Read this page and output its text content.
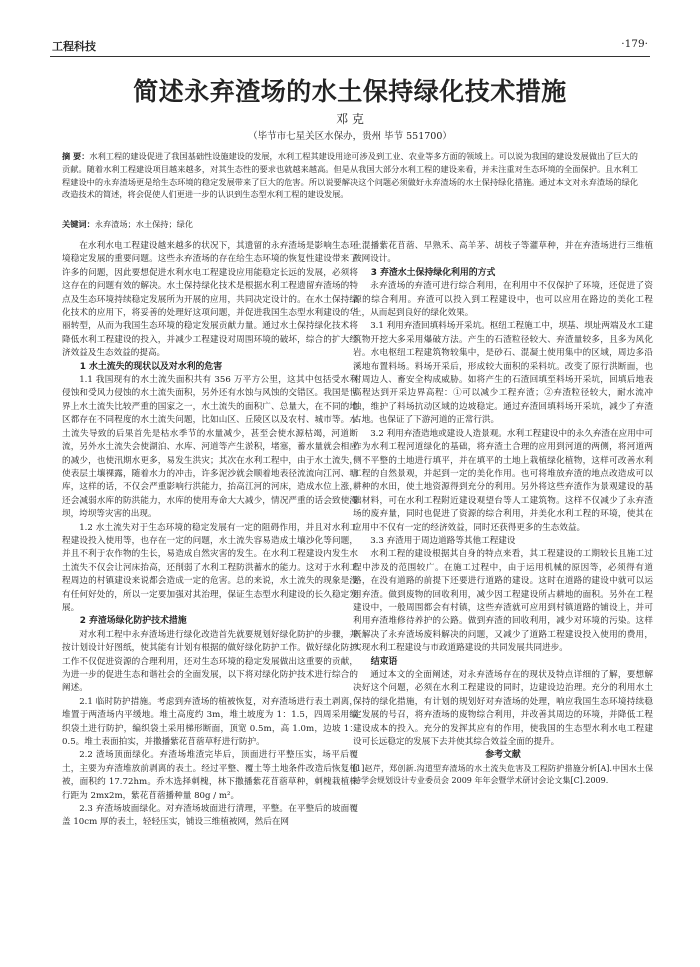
工程科技	·179·
简述永弃渣场的水土保持绿化技术措施
邓 克
（毕节市七星关区水保办，贵州 毕节 551700）
摘 要：水利工程的建设促进了我国基础性设施建设的发展，水利工程其建设用途可涉及到工业、农业等多方面的领域上。可以说为我国的建设发展做出了巨大的贡献。随着水利工程建设项目越来越多，对其生态性的要求也就越来越高。但是从我国大部分水利工程的建设来看，并未注重对生态环境的全面保护。且水利工程建设中的永弃渣场更是给生态环境的稳定发展带来了巨大的危害。所以说要解决这个问题必须做好永弃渣场的水土保持绿化措施。通过本文对永弃渣场的绿化改造技术的简述，将会促使人们更进一步的认识到生态型水利工程的建设发展。
关键词：永弃渣场；水土保持；绿化

在水利水电工程建设越来越多的状况下，其遗留的永弃渣场是影响生态环境稳定发展的重要问题。这些永弃渣场的存在给生态环境的恢复性建设带来了许多的问题，因此要想促进水利水电工程建设应用能稳定长远的发展，必须将这存在的问题有效的解决。水土保持绿化技术是根据水利工程遗留弃渣场的特点及生态环境持续稳定发展所为开展的应用，共同决定设计的。在水土保持绿化技术的应用下，将妥善的处理好这项问题，并促进我国生态型水利建设的华丽转型，从而为我国生态环境的稳定发展贡献力量。通过水土保持绿化技术将降低水利工程建设的投入，并减少工程建设对周围环境的破坏，综合的扩大经济效益及生态效益的提高。

1 水土流失的现状以及对水利的危害

1.1 我国现有的水土流失面积共有 356 万平方公里，这其中包括受水利侵蚀和受风力侵蚀的水土流失面积，另外还有水蚀与风蚀的交错区。我国是世界上水土流失比较严重的国家之一，水土流失的面积广、总量大，在不同的地区都存在不同程度的水土流失问题，比如山区、丘陵区以及农村、城市等。水土流失导致的后果首先是枯水季节的水量减少，甚至会使水源枯竭，河道断流，另外水土流失会使湖泊、水库、河道等产生淤积，堵塞，蓄水量就会相应的减少，也使汛期水更多，易发生洪灾；其次在水利工程中，由于水土流失，使表层土壤裸露，随着水力的冲击，许多泥沙就会顺着地表径流流向江河、塘库，这样的话，不仅会严重影响行洪能力，抬高江河的河床，造成水位上涨，还会减弱水库的防洪能力，水库的使用寿命大大减少，情况严重的话会致使漫坝，垮坝等灾害的出现。

1.2 水土流失对于生态环境的稳定发展有一定的阻碍作用，并且对水利工程建设投入使用等，也存在一定的问题，水土流失容易造成土壤沙化等问题，并且不利于农作物的生长，易造成自然灾害的发生。在水利工程建设内发生水土流失不仅会让河床抬高，还削弱了水利工程防洪蓄水的能力。这对于水利工程周边的村镇建设来说都会造成一定的危害。总的来说，水土流失的现象是没有任何好处的，所以一定要加强对其治理，保证生态型水利建设的长久稳定发展。

2 弃渣场绿化防护技术措施

对水利工程中永弃渣场进行绿化改造首先就要规划好绿化防护的步骤，并按计划设计好图纸，使其能有计划有根据的做好绿化防护工作。做好绿化防护工作不仅促进资源的合理利用，还对生态环境的稳定发展做出这重要的贡献，为进一步的促进生态和谐社会的全面发展，以下将对绿化防护技术进行综合的阐述。

2.1 临时防护措施。考虑到弃渣场的植被恢复，对弃渣场进行表土剥离，堆置于两渣场内平缓地。堆土高度约 3m，堆土坡度为 1：1.5，四周采用编织袋土进行防护，编织袋土采用梯形断面，顶宽 0.5m，高 1.0m，边坡 1：0.5。堆土表面拍实，并撒播紫花苜蓿草籽进行防护。

2.2 渣场顶面绿化。弃渣场堆渣完毕后，顶面进行平整压实，场平后覆土，主要为弃渣堆放前剥离的表土。经过平整、覆土等土地条件改造后恢复植被，面积约 17.72hm。乔木选择刺槐，林下撒播紫花苜蓿草种，刺槐栽植株行距为 2mx2m，紫花苜蓿播种量 80g / m²。

2.3 弃渣场坡面绿化。对弃渣场坡面进行清理，平整。在平整后的坡面覆盖 10cm 厚的表土，轻轻压实，铺设三维植被网，然后在网

上混播紫花苜蓿、早熟禾、高羊茅、胡枝子等灌草种，并在弃渣场进行三维植被网设计。

3 弃渣水土保持绿化利用的方式

永弃渣场的弃渣可进行综合利用，在利用中不仅保护了环境，还促进了资源的综合利用。弃渣可以投入到工程建设中，也可以应用在路边的美化工程上，从而起到良好的绿化效果。

3.1 利用弃渣回填料场开采坑。枢纽工程施工中，坝基、坝址两端及水工建筑物开挖大多采用爆破方法。产生的石渣粒径较大、弃渣量较多，且多为风化岩。水电枢纽工程建筑物较集中，是砂石、混凝土使用集中的区域，周边多沿溪地布置料场。料场开采后，形成较大面积的采料坑。改变了原行洪断面，也对周边人、畜安全构成威胁。如将产生的石渣回填至料场开采坑，回填后地表高程达到开采边界高程：①可以减少工程弃渣；②弃渣粒径较大，耐水流冲蚀，维护了料场抗动区域的边坡稳定。通过弃渣回填料场开采坑，减少了弃渣占地。也保证了下游河道的正常行洪。

3.2 利用弃渣造地或建设人造景观。水利工程建设中的永久弃渣在应用中可作为水利工程河道绿化的基础，将弃渣土合理的应用到河道的两侧，将河道两侧不平整的土地进行填平，并在填平的土地上栽植绿化植物，这样可改善水利工程的自然景观，并起到一定的美化作用。也可将堆放弃渣的地点改造成可以耕种的水田，使土地资源得到充分的利用。另外将这些弃渣作为景观建设的基础材料，可在水利工程附近建设观望台等人工建筑物。这样不仅减少了永弃渣场的废弃量，同时也促进了资源的综合利用，并美化水利工程的环境，使其在应用中不仅有一定的经济效益，同时还获得更多的生态效益。

3.3 弃渣用于周边道路等其他工程建设

水利工程的建设根据其自身的特点来看，其工程建设的工期较长且施工过程中涉及的范围较广。在施工过程中，由于运用机械的原因等，必须得有道路，在没有道路的前提下还要进行道路的建设。这时在道路的建设中就可以运用弃渣。做到废物的回收利用，减少因工程建设所占耕地的面积。另外在工程建设中，一般周围都会有村镇，这些弃渣就可应用到村镇道路的铺设上，并可利用弃渣堆修待养护的公路。做到弃渣的回收利用，减少对环境的污染。这样既解决了永弃渣场废料解决的问题，又减少了道路工程建设投入使用的费用，实现水利工程建设与市政道路建设的共同发展共同进步。

结束语

通过本文的全面阐述，对永弃渣场存在的现状及特点详细的了解，要想解决好这个问题，必须在水利工程建设的同时，边建设边治理。充分的利用水土保持的绿化措施，有计划的规划好对弃渣场的处理，响应我国生态环境持续稳定发展的号召，将弃渣场的废物综合利用，并改善其周边的环境，并降低工程建设成本的投入。充分的发挥其应有的作用，使我国的生态型水利水电工程建设可长远稳定的发展下去并使其综合效益全面的提升。

参考文献

[1]赵芹，郑创新.沟道型弃渣场的水土流失危害及工程防护措施分析[A].中国水土保持学会规划设计专业委员会 2009 年年会暨学术研讨会论文集[C].2009.
